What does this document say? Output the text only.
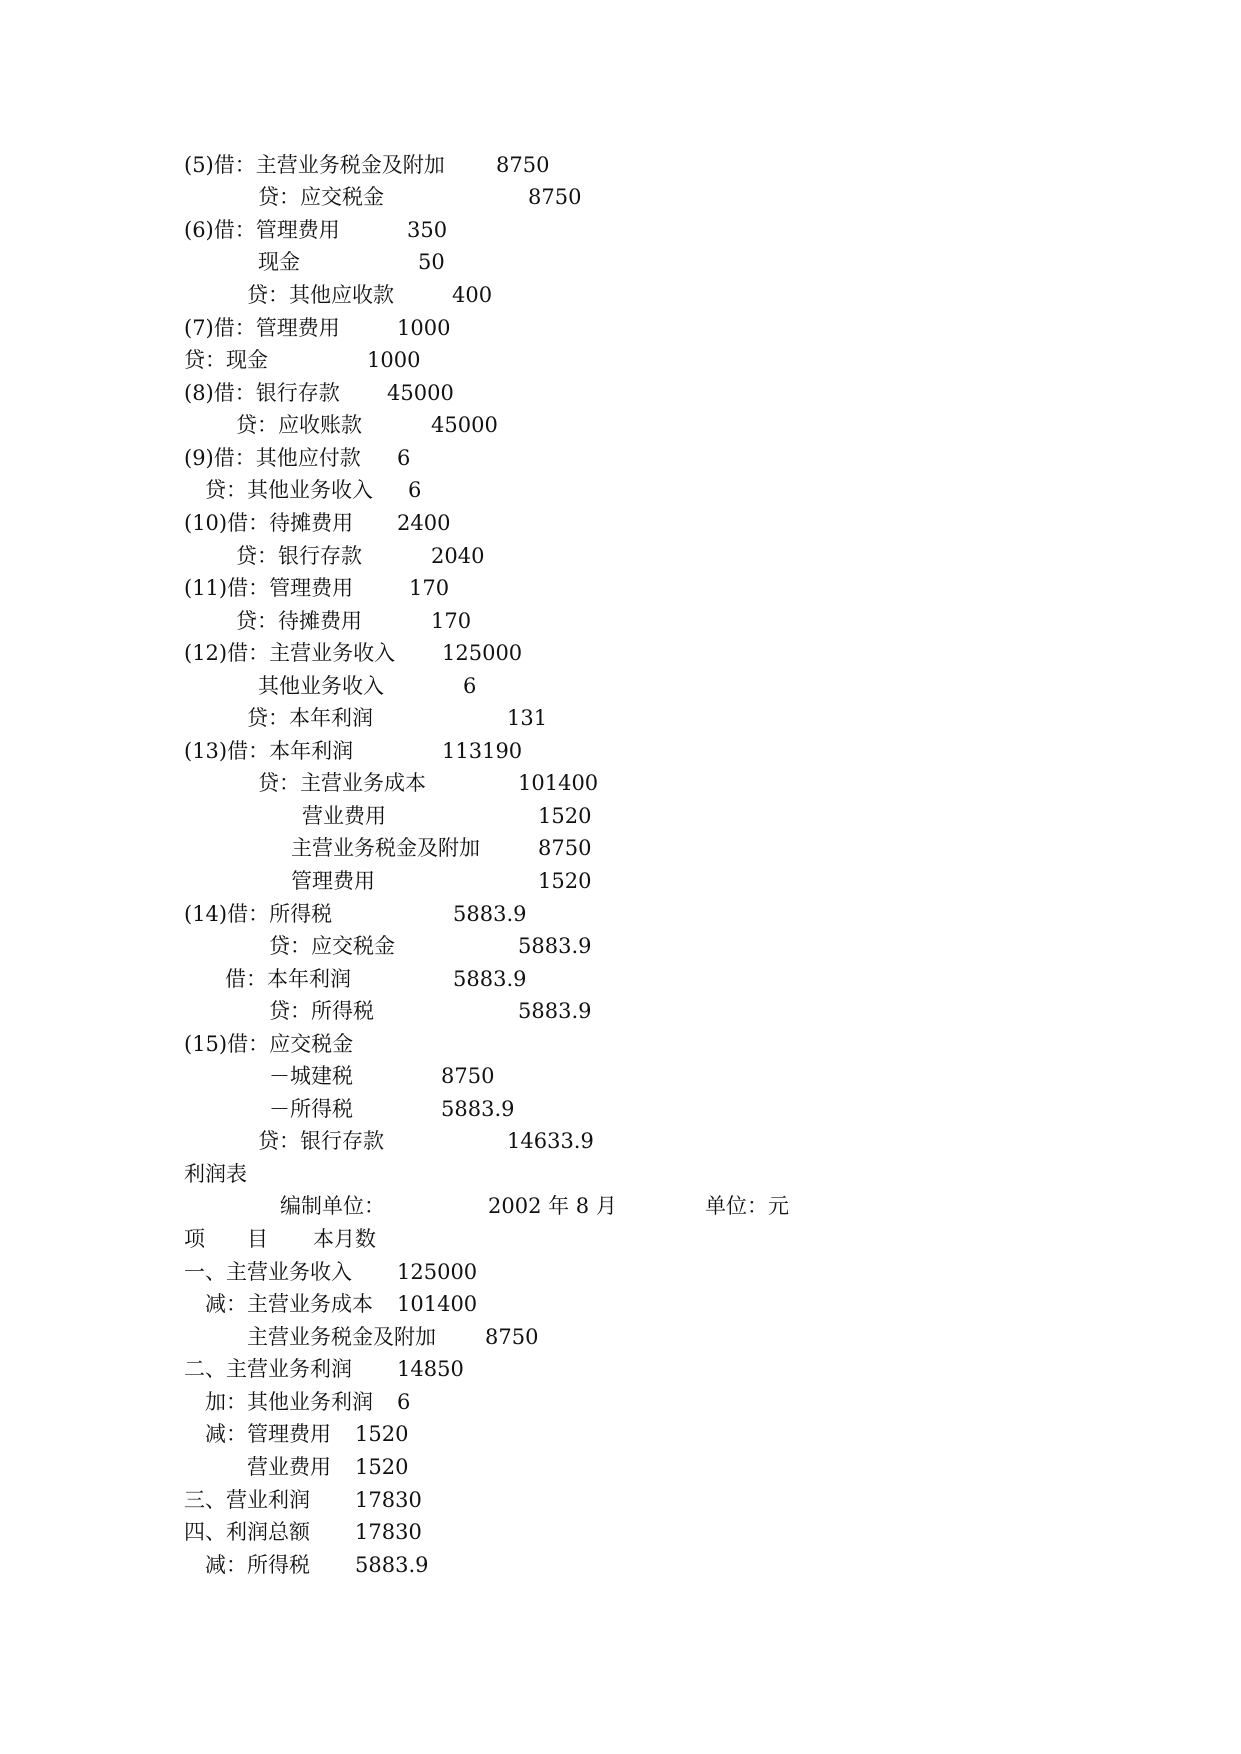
(5)借：主营业务税金及附加 8750
贷：应交税金	8750
(6)借：管理费用	350
现金	50
贷：其他应收款	400
(7)借：管理费用	1000
贷：现金	1000
(8)借：银行存款 45000
贷：应收账款	45000
(9)借：其他应付款 6
贷：其他业务收入 6
(10)借：待摊费用 2400
贷：银行存款	2040
(11)借：管理费用	170
贷：待摊费用	170
(12)借：主营业务收入 125000
其他业务收入	6
贷：本年利润	131
(13)借：本年利润	113190
贷：主营业务成本	101400
营业费用	1520
主营业务税金及附加	8750
管理费用	1520
(14)借：所得税	5883.9
贷：应交税金	5883.9
借：本年利润	5883.9
贷：所得税	5883.9
(15)借：应交税金
－城建税	8750
－所得税	5883.9
贷：银行存款	14633.9
利润表
编制单位：	2002 年 8 月	单位：元
项 目 本月数
一、主营业务收入 125000
减：主营业务成本 101400
主营业务税金及附加 8750
二、主营业务利润 14850
加：其他业务利润 6
减：管理费用 1520
营业费用 1520
三、营业利润 17830
四、利润总额 17830
减：所得税 5883.9
